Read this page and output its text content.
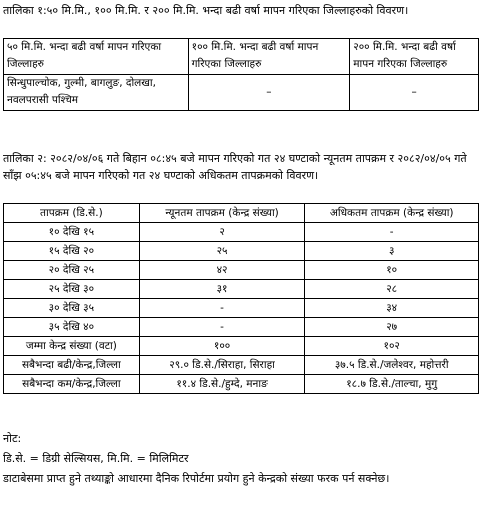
तालिका १:५० मि.मि., १०० मि.मि. र २०० मि.मि. भन्दा बढी वर्षा मापन गरिएका जिल्लाहरुको विवरण।
५० मि.मि. भन्दा बढी वर्षा मापन गरिएका जिल्लाहरु	१०० मि.मि. भन्दा बढी वर्षा मापन गरिएका जिल्लाहरु	२०० मि.मि. भन्दा बढी वर्षा मापन गरिएका जिल्लाहरु
सिन्धुपाल्चोक, गुल्मी, बागलुङ, दोलखा, नवलपरासी पश्चिम	–	–
तालिका २: २०८२/०४/०६ गते बिहान ०८:४५ बजे मापन गरिएको गत २४ घण्टाको न्यूनतम तापक्रम र २०८२/०४/०५ गते साँझ ०५:४५ बजे मापन गरिएको गत २४ घण्टाको अधिकतम तापक्रमको विवरण।
तापक्रम (डि.से.)	न्यूनतम तापक्रम (केन्द्र संख्या)	अधिकतम तापक्रम (केन्द्र संख्या)
१० देखि १५	२	-
१५ देखि २०	२५	३
२० देखि २५	४२	१०
२५ देखि ३०	३१	२८
३० देखि ३५	-	३४
३५ देखि ४०	-	२७
जम्मा केन्द्र संख्या (वटा)	१००	१०२
सबैभन्दा बढी/केन्द्र,जिल्ला	२९.० डि.से./सिराहा, सिराहा	३७.५ डि.से./जलेश्वर, महोत्तरी
सबैभन्दा कम/केन्द्र,जिल्ला	११.४ डि.से./हुम्दे, मनाङ	१८.७ डि.से./ताल्चा, मुगु
नोट:
डि.से. = डिग्री सेल्सियस, मि.मि. = मिलिमिटर
डाटाबेसमा प्राप्त हुने तथ्याङ्को आधारमा दैनिक रिपोर्टमा प्रयोग हुने केन्द्रको संख्या फरक पर्न सक्नेछ।
